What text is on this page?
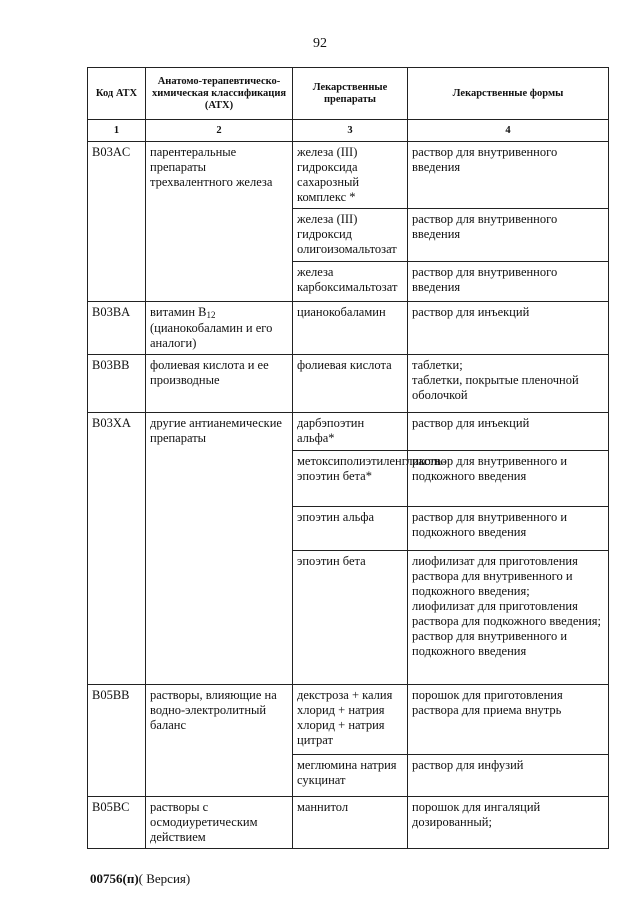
92
Код АТХ	Анатомо-терапевтическо-химическая классификация (АТХ)	Лекарственные препараты	Лекарственные формы
1	2	3	4
B03AC	парентеральные препараты трехвалентного железа	железа (III) гидроксида сахарозный комплекс *	раствор для внутривенного введения
		железа (III) гидроксид олигоизомальтозат	раствор для внутривенного введения
		железа карбоксимальтозат	раствор для внутривенного введения
B03BA	витамин B12 (цианокобаламин и его аналоги)	цианокобаламин	раствор для инъекций
B03BB	фолиевая кислота и ее производные	фолиевая кислота	таблетки;
таблетки, покрытые пленочной оболочкой

B03XA	другие антианемические препараты	дарбэпоэтин альфа*	раствор для инъекций
		метоксиполиэтиленгликоль-эпоэтин бета*	раствор для внутривенного и подкожного введения
		эпоэтин альфа	раствор для внутривенного и подкожного введения
		эпоэтин бета	лиофилизат для приготовления раствора для внутривенного и подкожного введения;
лиофилизат для приготовления раствора для подкожного введения;
раствор для внутривенного и подкожного введения

B05BB	растворы, влияющие на водно-электролитный баланс	декстроза + калия хлорид + натрия хлорид + натрия цитрат	порошок для приготовления раствора для приема внутрь
		меглюмина натрия сукцинат	раствор для инфузий
B05BC	растворы с осмодиуретическим действием	маннитол	порошок для ингаляций дозированный;
00756(п)( Версия)
